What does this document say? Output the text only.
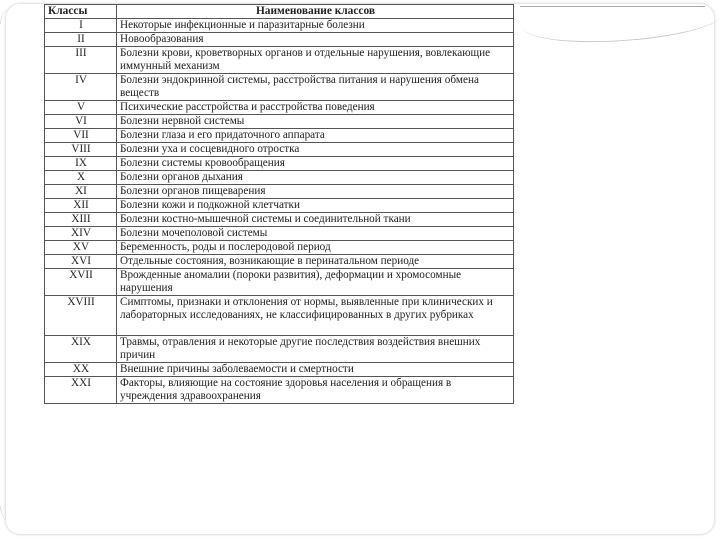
Классы	Наименование классов
I	Некоторые инфекционные и паразитарные болезни
II	Новообразования
III	Болезни крови, кроветворных органов и отдельные нарушения, вовлекающие иммунный механизм
IV	Болезни эндокринной системы, расстройства питания и нарушения обмена веществ
V	Психические расстройства и расстройства поведения
VI	Болезни нервной системы
VII	Болезни глаза и его придаточного аппарата
VIII	Болезни уха и сосцевидного отростка
IX	Болезни системы кровообращения
X	Болезни органов дыхания
XI	Болезни органов пищеварения
XII	Болезни кожи и подкожной клетчатки
XIII	Болезни костно-мышечной системы и соединительной ткани
XIV	Болезни мочеполовой системы
XV	Беременность, роды и послеродовой период
XVI	Отдельные состояния, возникающие в перинатальном периоде
XVII	Врожденные аномалии (пороки развития), деформации и хромосомные нарушения
XVIII	Симптомы, признаки и отклонения от нормы, выявленные при клинических и лабораторных исследованиях, не классифицированных в других рубриках
XIX	Травмы, отравления и некоторые другие последствия воздействия внешних причин
XX	Внешние причины заболеваемости и смертности
XXI	Факторы, влияющие на состояние здоровья населения и обращения в учреждения здравоохранения
